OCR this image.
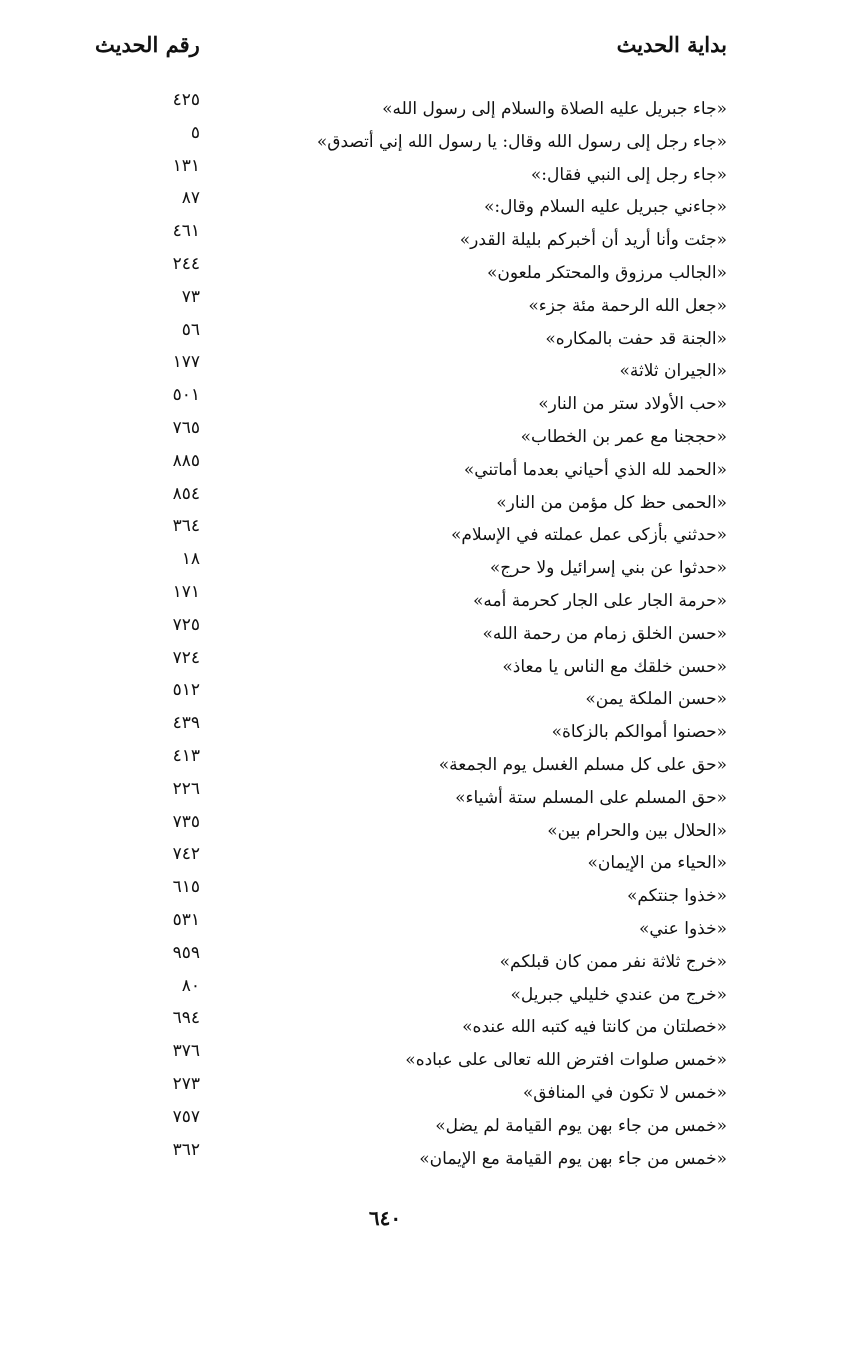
بداية الحديث
رقم الحديث
«جاء جبريل عليه الصلاة والسلام إلى رسول الله»
٤٢٥
«جاء رجل إلى رسول الله وقال: يا رسول الله إني أتصدق»
٥
«جاء رجل إلى النبي فقال:»
١٣١
«جاءني جبريل عليه السلام وقال:»
٨٧
«جئت وأنا أريد أن أخبركم بليلة القدر»
٤٦١
«الجالب مرزوق والمحتكر ملعون»
٢٤٤
«جعل الله الرحمة مئة جزء»
٧٣
«الجنة قد حفت بالمكاره»
٥٦
«الجيران ثلاثة»
١٧٧
«حب الأولاد ستر من النار»
٥٠١
«حججنا مع عمر بن الخطاب»
٧٦٥
«الحمد لله الذي أحياني بعدما أماتني»
٨٨٥
«الحمى حظ كل مؤمن من النار»
٨٥٤
«حدثني بأزكى عمل عملته في الإسلام»
٣٦٤
«حدثوا عن بني إسرائيل ولا حرج»
١٨
«حرمة الجار على الجار كحرمة أمه»
١٧١
«حسن الخلق زمام من رحمة الله»
٧٢٥
«حسن خلقك مع الناس يا معاذ»
٧٢٤
«حسن الملكة يمن»
٥١٢
«حصنوا أموالكم بالزكاة»
٤٣٩
«حق على كل مسلم الغسل يوم الجمعة»
٤١٣
«حق المسلم على المسلم ستة أشياء»
٢٢٦
«الحلال بين والحرام بين»
٧٣٥
«الحياء من الإيمان»
٧٤٢
«خذوا جنتكم»
٦١٥
«خذوا عني»
٥٣١
«خرج ثلاثة نفر ممن كان قبلكم»
٩٥٩
«خرج من عندي خليلي جبريل»
٨٠
«خصلتان من كانتا فيه كتبه الله عنده»
٦٩٤
«خمس صلوات افترض الله تعالى على عباده»
٣٧٦
«خمس لا تكون في المنافق»
٢٧٣
«خمس من جاء بهن يوم القيامة لم يضل»
٧٥٧
«خمس من جاء بهن يوم القيامة مع الإيمان»
٣٦٢
٦٤٠
